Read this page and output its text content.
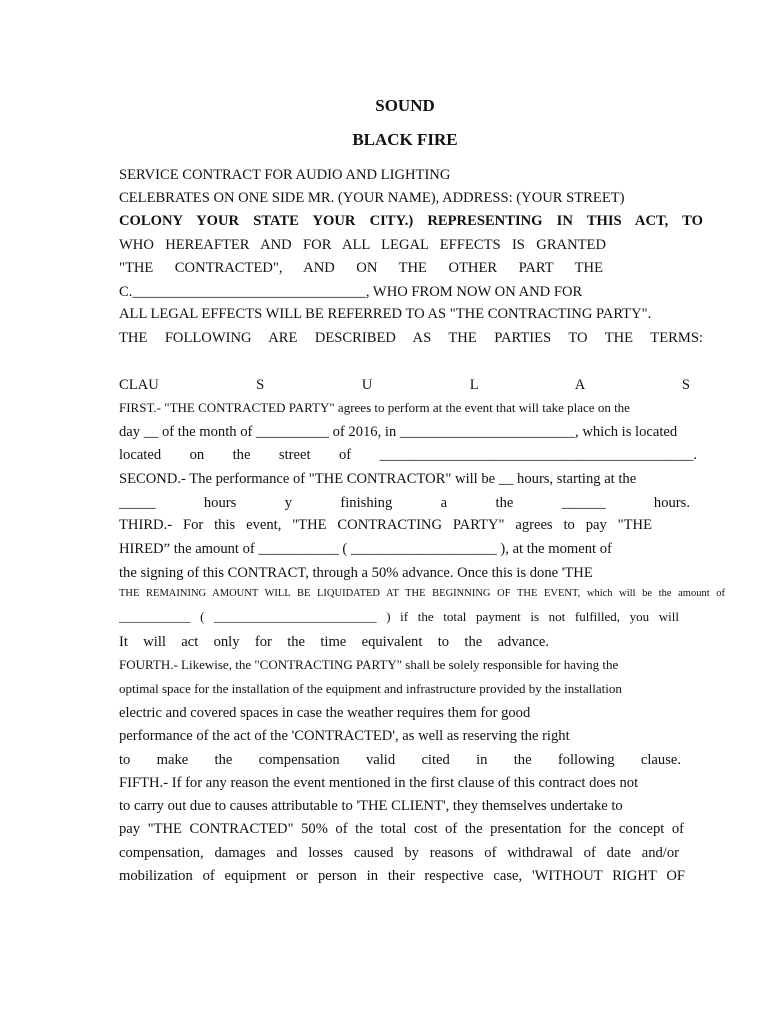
SOUND
BLACK FIRE
SERVICE CONTRACT FOR AUDIO AND LIGHTING
CELEBRATES ON ONE SIDE MR. (YOUR NAME), ADDRESS: (YOUR STREET)
COLONY YOUR STATE YOUR CITY.) REPRESENTING IN THIS ACT, TO
WHO HEREAFTER AND FOR ALL LEGAL EFFECTS IS GRANTED
"THE CONTRACTED", AND ON THE OTHER PART THE
C.________________________________, WHO FROM NOW ON AND FOR
ALL LEGAL EFFECTS WILL BE REFERRED TO AS "THE CONTRACTING PARTY".
THE FOLLOWING ARE DESCRIBED AS THE PARTIES TO THE TERMS:
CLAU S U L A S
FIRST.- "THE CONTRACTED PARTY" agrees to perform at the event that will take place on the
day __ of the month of __________ of 2016, in ________________________, which is located
located on the street of ___________________________________________.
SECOND.- The performance of "THE CONTRACTOR" will be __ hours, starting at the
_____ hours y finishing a the ______ hours.
THIRD.- For this event, "THE CONTRACTING PARTY" agrees to pay "THE
HIRED” the amount of ___________ ( ____________________ ), at the moment of
the signing of this CONTRACT, through a 50% advance. Once this is done 'THE
THE REMAINING AMOUNT WILL BE LIQUIDATED AT THE BEGINNING OF THE EVENT, which will be the amount of
___________ ( _________________________ ) if the total payment is not fulfilled, you will
It will act only for the time equivalent to the advance.
FOURTH.- Likewise, the "CONTRACTING PARTY" shall be solely responsible for having the
optimal space for the installation of the equipment and infrastructure provided by the installation
electric and covered spaces in case the weather requires them for good
performance of the act of the 'CONTRACTED', as well as reserving the right
to make the compensation valid cited in the following clause.
FIFTH.- If for any reason the event mentioned in the first clause of this contract does not
to carry out due to causes attributable to 'THE CLIENT', they themselves undertake to
pay "THE CONTRACTED" 50% of the total cost of the presentation for the concept of
compensation, damages and losses caused by reasons of withdrawal of date and/or
mobilization of equipment or person in their respective case, 'WITHOUT RIGHT OF
